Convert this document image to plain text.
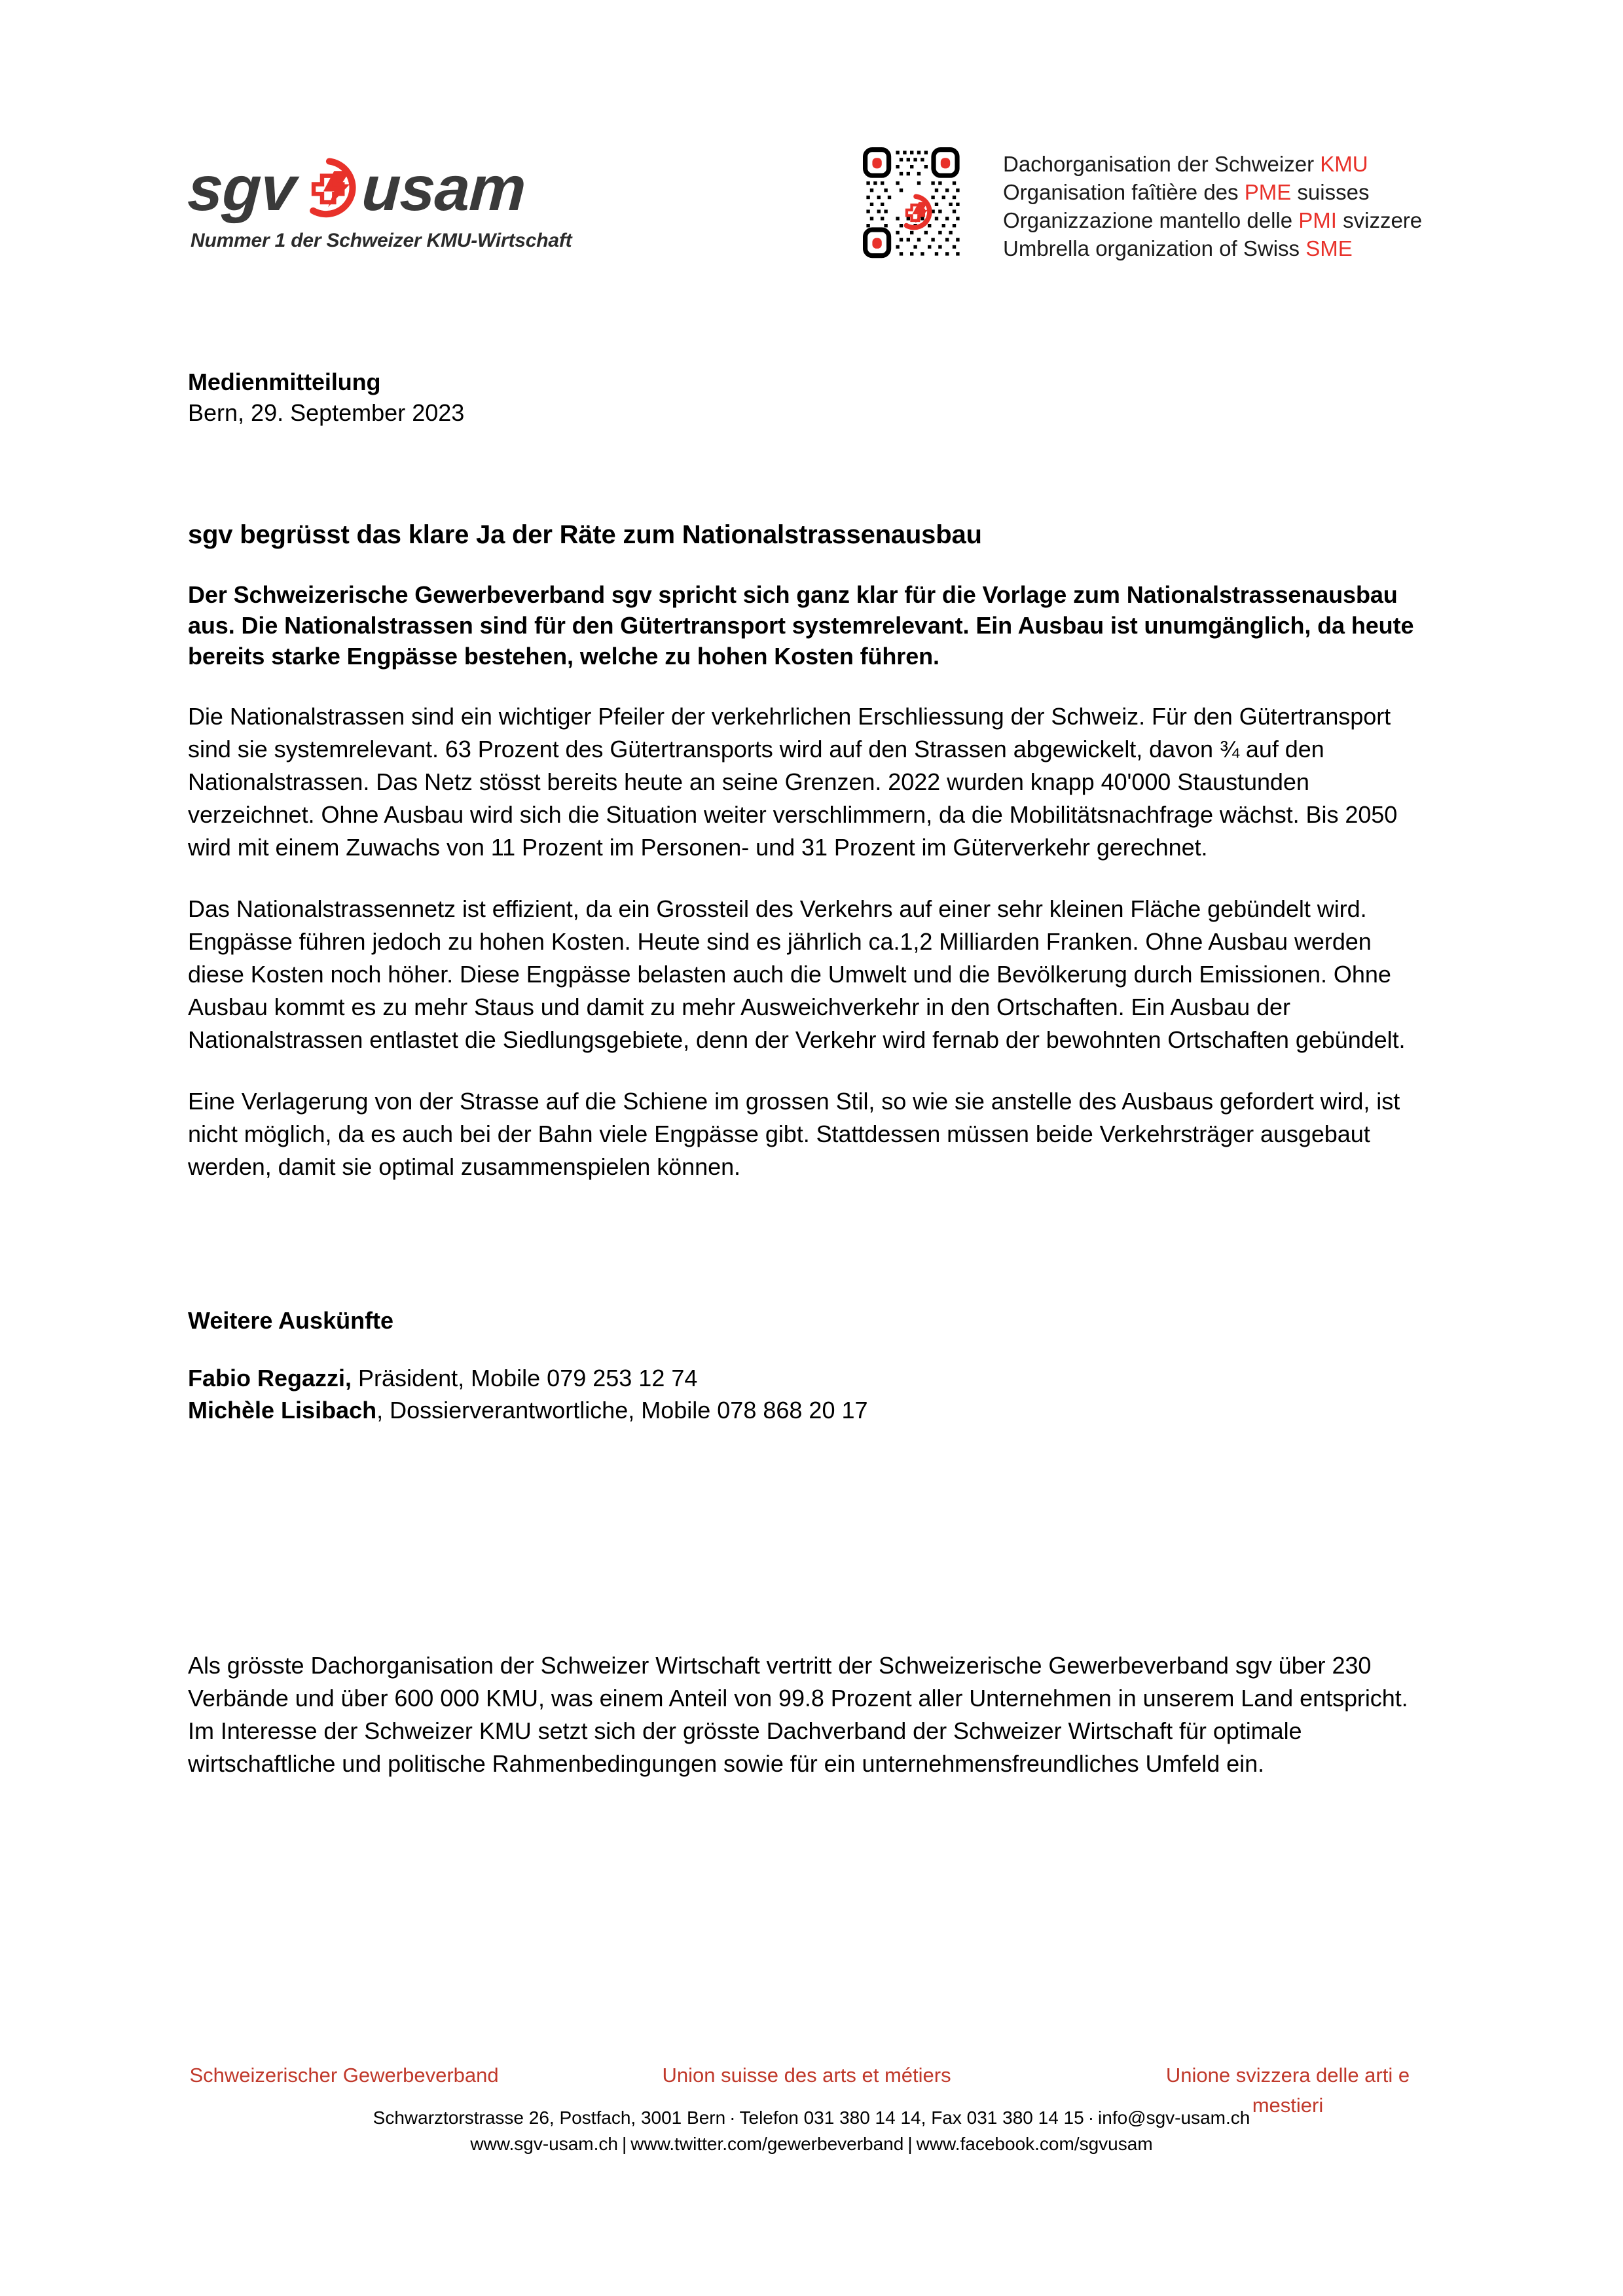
sgv usam
Nummer 1 der Schweizer KMU-Wirtschaft
Dachorganisation der Schweizer KMU
Organisation faîtière des PME suisses
Organizzazione mantello delle PMI svizzere
Umbrella organization of Swiss SME
Medienmitteilung
Bern, 29. September 2023
sgv begrüsst das klare Ja der Räte zum Nationalstrassenausbau

Der Schweizerische Gewerbeverband sgv spricht sich ganz klar für die Vorlage zum Nationalstrassenausbau aus. Die Nationalstrassen sind für den Gütertransport systemrelevant. Ein Ausbau ist unumgänglich, da heute bereits starke Engpässe bestehen, welche zu hohen Kosten führen.

Die Nationalstrassen sind ein wichtiger Pfeiler der verkehrlichen Erschliessung der Schweiz. Für den Gütertransport sind sie systemrelevant. 63 Prozent des Gütertransports wird auf den Strassen abgewickelt, davon ¾ auf den Nationalstrassen. Das Netz stösst bereits heute an seine Grenzen. 2022 wurden knapp 40'000 Staustunden verzeichnet. Ohne Ausbau wird sich die Situation weiter verschlimmern, da die Mobilitätsnachfrage wächst. Bis 2050 wird mit einem Zuwachs von 11 Prozent im Personen- und 31 Prozent im Güterverkehr gerechnet.

Das Nationalstrassennetz ist effizient, da ein Grossteil des Verkehrs auf einer sehr kleinen Fläche gebündelt wird. Engpässe führen jedoch zu hohen Kosten. Heute sind es jährlich ca.1,2 Milliarden Franken. Ohne Ausbau werden diese Kosten noch höher. Diese Engpässe belasten auch die Umwelt und die Bevölkerung durch Emissionen. Ohne Ausbau kommt es zu mehr Staus und damit zu mehr Ausweichverkehr in den Ortschaften. Ein Ausbau der Nationalstrassen entlastet die Siedlungsgebiete, denn der Verkehr wird fernab der bewohnten Ortschaften gebündelt.

Eine Verlagerung von der Strasse auf die Schiene im grossen Stil, so wie sie anstelle des Ausbaus gefordert wird, ist nicht möglich, da es auch bei der Bahn viele Engpässe gibt. Stattdessen müssen beide Verkehrsträger ausgebaut werden, damit sie optimal zusammenspielen können.

Weitere Auskünfte
Fabio Regazzi, Präsident, Mobile 079 253 12 74
Michèle Lisibach, Dossierverantwortliche, Mobile 078 868 20 17

Als grösste Dachorganisation der Schweizer Wirtschaft vertritt der Schweizerische Gewerbeverband sgv über 230 Verbände und über 600 000 KMU, was einem Anteil von 99.8 Prozent aller Unternehmen in unserem Land entspricht. Im Interesse der Schweizer KMU setzt sich der grösste Dachverband der Schweizer Wirtschaft für optimale wirtschaftliche und politische Rahmenbedingungen sowie für ein unternehmensfreundliches Umfeld ein.

Schweizerischer Gewerbeverband	Union suisse des arts et métiers	Unione svizzera delle arti e mestieri
Schwarztorstrasse 26, Postfach, 3001 Bern · Telefon 031 380 14 14, Fax 031 380 14 15 · info@sgv-usam.ch
www.sgv-usam.ch | www.twitter.com/gewerbeverband | www.facebook.com/sgvusam
